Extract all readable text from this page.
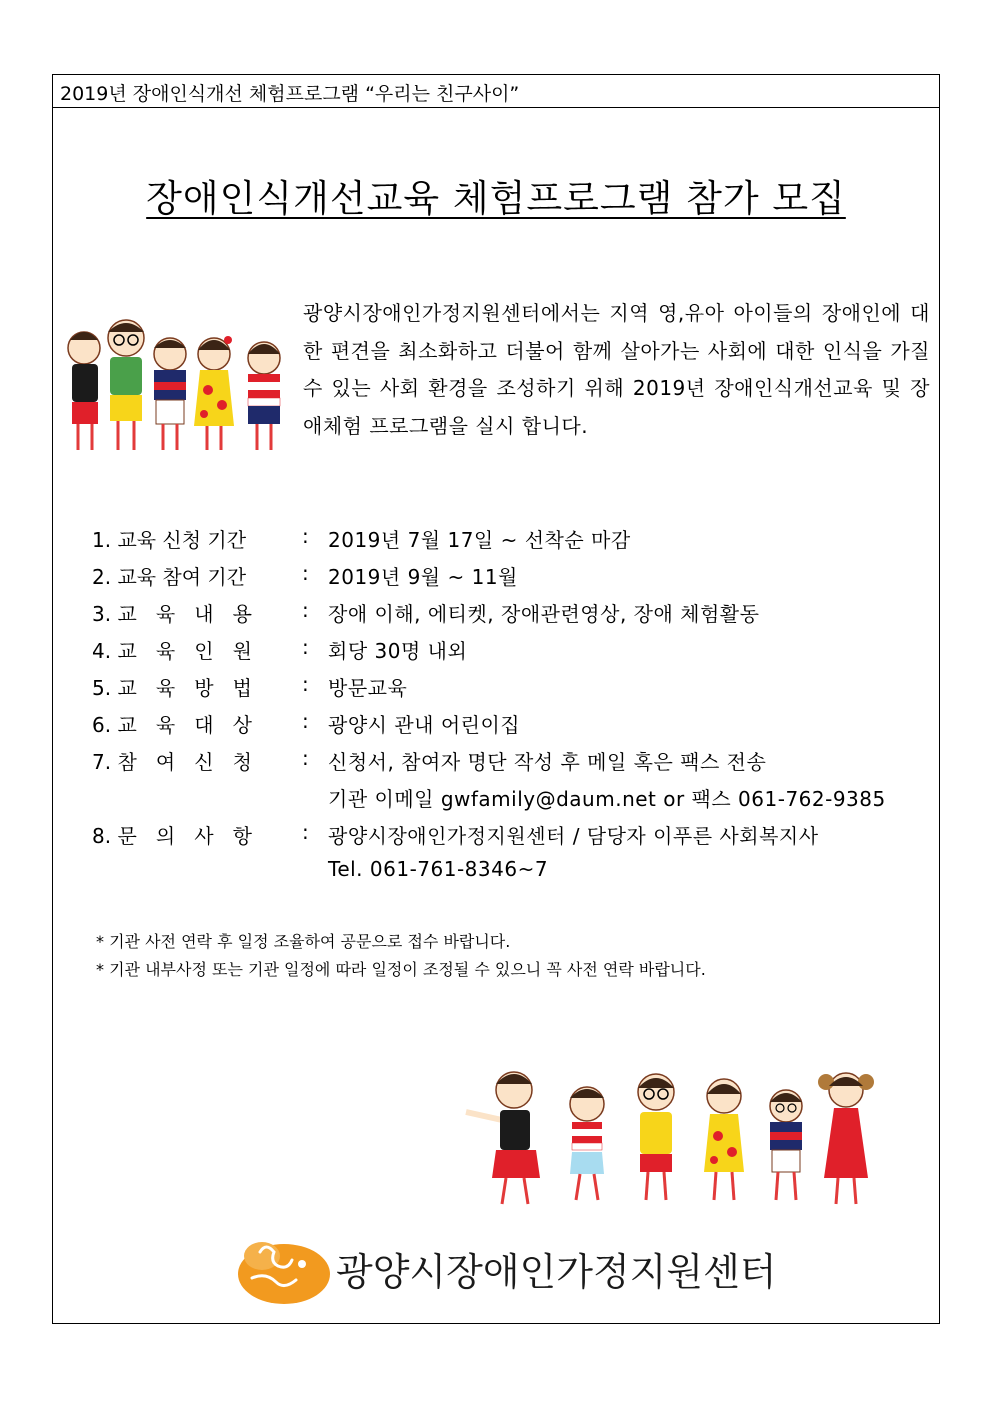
2019년 장애인식개선 체험프로그램 “우리는 친구사이”
장애인식개선교육 체험프로그램 참가 모집
광양시장애인가정지원센터에서는 지역 영,유아 아이들의 장애인에 대한 편견을 최소화하고 더불어 함께 살아가는 사회에 대한 인식을 가질 수 있는 사회 환경을 조성하기 위해 2019년 장애인식개선교육 및 장애체험 프로그램을 실시 합니다.
1. 교육 신청 기간	: 2019년 7월 17일 ~ 선착순 마감
2. 교육 참여 기간	: 2019년 9월 ~ 11월
3. 교   육   내   용	: 장애 이해, 에티켓, 장애관련영상, 장애 체험활동
4. 교   육   인   원	: 회당 30명 내외
5. 교   육   방   법	: 방문교육
6. 교   육   대   상	: 광양시 관내 어린이집
7. 참   여   신   청	: 신청서, 참여자 명단 작성 후 메일 혹은 팩스 전송
기관 이메일 gwfamily@daum.net or 팩스 061-762-9385
8. 문   의   사   항	: 광양시장애인가정지원센터 / 담당자 이푸른 사회복지사
Tel. 061-761-8346~7
* 기관 사전 연락 후 일정 조율하여 공문으로 접수 바랍니다.
* 기관 내부사정 또는 기관 일정에 따라 일정이 조정될 수 있으니 꼭 사전 연락 바랍니다.
광양시장애인가정지원센터
